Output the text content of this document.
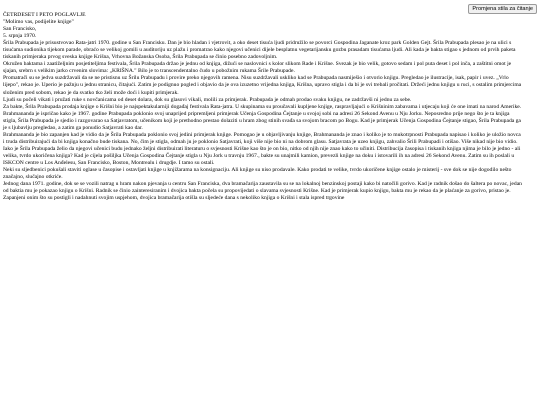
Promjena stila za čitanje

ČETRDESET I PETO POGLAVLJE

"Molimo vas, podijelite knjige"

San Francisko,

5. srpnja 1970.

Šrila Prabupada je prisustvovao Rata-jatri 1970. godine u San Francisku. Dan je bio hladan i vjetrovit, a oko deset tisuća ljudi pridružilo se povorci Gospodina Jaganate kroz park Golden Gejt. Šrila Prabupada plesao je na ulici s tisućama sudionika tijekom parade, obraćo se velikoj gomili u auditoriju uz plažu i promatrao kako njegovi učenici dijele besplatnu vegetarijansku gozbu prasadam tisućama ljudi. Ali kada je bakta stigao s jednom od prvih paketa tiskanih primjeraka prvog sveska knjige Krišna, Vrhovna Božanska Osoba, Šrila Prabupada se činio posebno zadovoljnim.

Okružen baktama i zaatiželjnim posjetiteljima festivala, Šrila Prabupada držao je jednu od knjiga, dižući se naslovnici s kolor slikom Rade i Krišne. Svezak je bio velik, gotovo sedam i pol puta deset i pol inča, a zaštitni omot je sjajan, srebrn s velikim jarko crvenim slovima: „KRIŠNA." Bilo je to transcendentalno čudo u pobožnim rukama Šrile Prabupade.

Promatrači su se jedva suzdržavali da se ne pristisnu uz Šrilu Prabupadu i provire preko njegovih ramena. Nisu suzdržavali uskliko kad se Prabupada nasmiješio i otvorio knjigu. Pregledao je ilustracije, isak, papir i uvez. „Vrlo lijepo", rekao je. Uperio je pažnju u jednu stranicu, čitajući. Zatim je podignuo pogled i objavio da je ova izuzetno vrijedna knjiga, Krišna, upravo stigla i da bi je svi trebali pročitati. Držeći jednu knjigu u ruci, s ostalim primjercima složenim pred sobom, rekao je da svatko tko želi može doći i kupiti primjerak.

Ljudi su počeli vikati i pružati ruke s novčanicama od deset dolara, dok su glasovi vikali, molili za primjerak. Prabupada je odmah prodao svaku knjigu, ne zadržavši ni jednu za sebe.

Za bakte, Šrila Prabupada prodaja knjige o Krišni bio je najspektakularniji događaj festivala Rata-jatra. U skupinama su proučavali kupljene knjige, raspravljajući o Krišninim zabavama i utjecaju koji će one imati na narod Amerike.

Brahmananda je ispričao kako je 1967. godine Prabupada poklonio svoj unaprijed pripremljeni primjerak Učenja Gospodina Čejtanje u svojoj sobi na adresi 26 Sekond Avenu u Nju Jorku. Neposredno prije nego što je ta knjiga stigla, Šrila Prabupada je sjedio i razgovarao sa Satjavratom, učenikom koji je prethodno prestao dolaziti u hram zbog stinih svađa sa svojom bracom po Bogu. Kad je primjerak Učenja Gospodina Čejtanje stigao, Šrila Prabupada ga je s ljubavlju pregledao, a zatim ga ponudio Satjavrati kao dar.

Brahmananda je bio zapanjen kad je vidio da je Šrila Prabupada poklonio svoj jedini primjerak knjige. Pomogao je u objavljivanju knjige, Brahmananda je znao i koliko je to mukotrpnosti Prabupada napisao i koliko je uložio novca i truda distribuirajući da bi knjiga konačno bude tiskana. No, čim je stigla, odmah ju je poklonio Satjavrati, koji više nije bio ni na dobrom glasu. Satjavrata je uzeo knjigu, zahvalio Šrili Prabupadi i otišao. Više nikad nije bio vidio.

Iako je Šrila Prabupada želio da njegovi učenici budu jednako željni distribuirati literaturu o svjesnosti Krišne kao što je on bio, nitko od njih nije znao kako to učiniti. Distribucija časopisa i tiskanih knjiga njima je bilo je jedno - ali velika, tvrdo ukoričena knjiga? Kad je cijela pošiljka Učenja Gospodina Čejtanje stigla u Nju Jork u travnju 1967., bakte su unajmili kamion, prevezli knjige na doku i istovarili ih na adresi 26 Sekond Avenu. Zatim su ih poslali u ISKCON centre u Los Anđelesu, San Francisko, Boston, Montrealu i drugdje. I tamo su ostali.

Neki su sljedbenici pokušali staviti oglase u časopise i ostavljati knjige u knjižarama na konsignaciju. Ali knjige su niso prodavale. Kako prodati te velike, tvrdo ukoričene knjige ostalo je misterij - sve dok se nije dogodilo nešto značajno, slučajno otkriće.

Jednog dana 1971. godine, dok se se vozili natrag u hram nakon pjevanja u centru San Franciska, dva bramačarija zaustavila su se na lokalnoj benzinskoj postaji kako bi natočili gorivo. Kad je radnik došao do šaltera po novac, jedan od baktia mu je pokazao knjigu o Krišni. Radnik se činio zainteresiranim i dvojica bakta počela su propovijedati o slavama svjesnosti Krišne. Kad je primjerak kupio knjigu, bakta mu je rekao da je plaćanje za gorivo, pristao je.

Zapanjeni onim što su postigli i nadahnuti svojim uspjehom, dvojica bramačarija otišla su sljedeće dana s nekoliko knjiga o Krišni i stala ispred trgovine
